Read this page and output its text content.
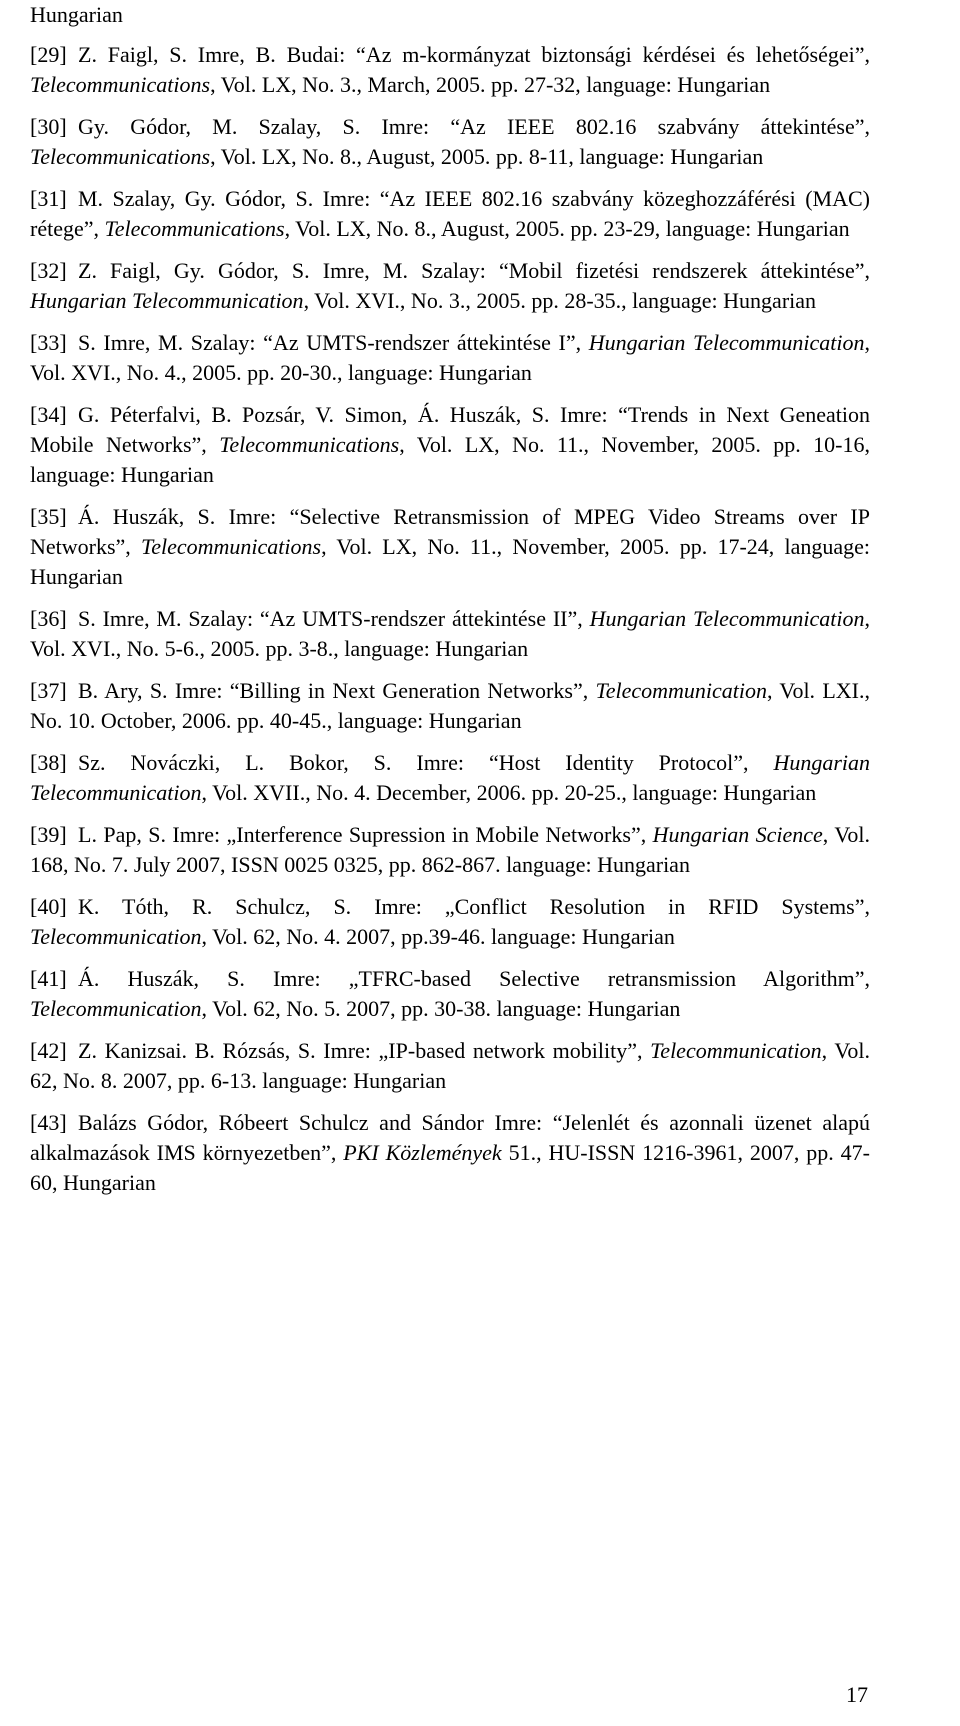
Hungarian
[29] Z. Faigl, S. Imre, B. Budai: “Az m-kormányzat biztonsági kérdései és lehetőségei”, Telecommunications, Vol. LX, No. 3., March, 2005. pp. 27-32, language: Hungarian
[30] Gy. Gódor, M. Szalay, S. Imre: “Az IEEE 802.16 szabvány áttekintése”, Telecommunications, Vol. LX, No. 8., August, 2005. pp. 8-11, language: Hungarian
[31] M. Szalay, Gy. Gódor, S. Imre: “Az IEEE 802.16 szabvány közeghozzáférési (MAC) rétege”, Telecommunications, Vol. LX, No. 8., August, 2005. pp. 23-29, language: Hungarian
[32] Z. Faigl, Gy. Gódor, S. Imre, M. Szalay: “Mobil fizetési rendszerek áttekintése”, Hungarian Telecommunication, Vol. XVI., No. 3., 2005. pp. 28-35., language: Hungarian
[33] S. Imre, M. Szalay: “Az UMTS-rendszer áttekintése I”, Hungarian Telecommunication, Vol. XVI., No. 4., 2005. pp. 20-30., language: Hungarian
[34] G. Péterfalvi, B. Pozsár, V. Simon, Á. Huszák, S. Imre: “Trends in Next Geneation Mobile Networks”, Telecommunications, Vol. LX, No. 11., November, 2005. pp. 10-16, language: Hungarian
[35] Á. Huszák, S. Imre: “Selective Retransmission of MPEG Video Streams over IP Networks”, Telecommunications, Vol. LX, No. 11., November, 2005. pp. 17-24, language: Hungarian
[36] S. Imre, M. Szalay: “Az UMTS-rendszer áttekintése II”, Hungarian Telecommunication, Vol. XVI., No. 5-6., 2005. pp. 3-8., language: Hungarian
[37] B. Ary, S. Imre: “Billing in Next Generation Networks”, Telecommunication, Vol. LXI., No. 10. October, 2006. pp. 40-45., language: Hungarian
[38] Sz. Nováczki, L. Bokor, S. Imre: “Host Identity Protocol”, Hungarian Telecommunication, Vol. XVII., No. 4. December, 2006. pp. 20-25., language: Hungarian
[39] L. Pap, S. Imre: „Interference Supression in Mobile Networks”, Hungarian Science, Vol. 168, No. 7. July 2007, ISSN 0025 0325, pp. 862-867. language: Hungarian
[40] K. Tóth, R. Schulcz, S. Imre: „Conflict Resolution in RFID Systems”, Telecommunication, Vol. 62, No. 4. 2007, pp.39-46. language: Hungarian
[41] Á. Huszák, S. Imre: „TFRC-based Selective retransmission Algorithm”, Telecommunication, Vol. 62, No. 5. 2007, pp. 30-38. language: Hungarian
[42] Z. Kanizsai. B. Rózsás, S. Imre: „IP-based network mobility”, Telecommunication, Vol. 62, No. 8. 2007, pp. 6-13. language: Hungarian
[43] Balázs Gódor, Róbeert Schulcz and Sándor Imre: “Jelenlét és azonnali üzenet alapú alkalmazások IMS környezetben”, PKI Közlemények 51., HU-ISSN 1216-3961, 2007, pp. 47-60, Hungarian
17
